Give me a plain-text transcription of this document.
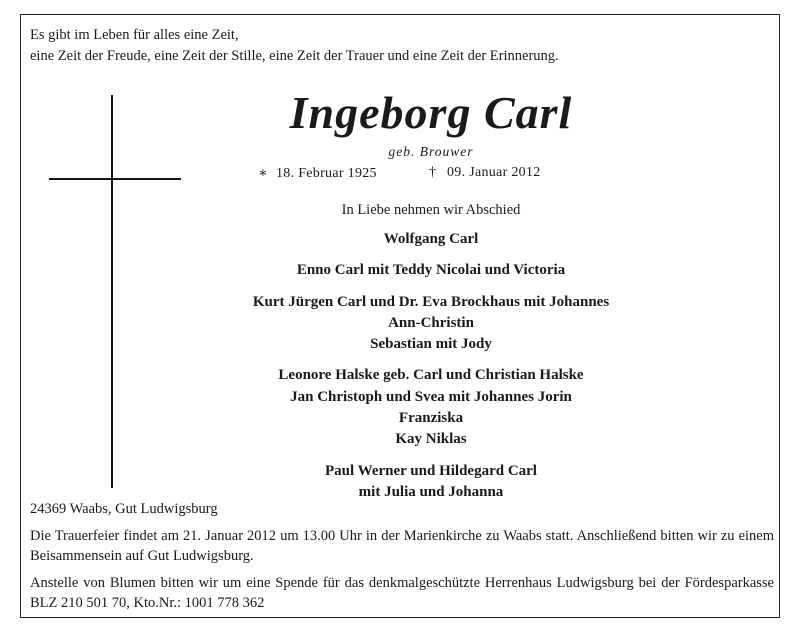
Es gibt im Leben für alles eine Zeit,
eine Zeit der Freude, eine Zeit der Stille, eine Zeit der Trauer und eine Zeit der Erinnerung.
Ingeborg Carl
geb. Brouwer
∗ 18. Februar 1925	† 09. Januar 2012
In Liebe nehmen wir Abschied
Wolfgang Carl
Enno Carl mit Teddy Nicolai und Victoria
Kurt Jürgen Carl und Dr. Eva Brockhaus mit Johannes
Ann-Christin
Sebastian mit Jody
Leonore Halske geb. Carl und Christian Halske
Jan Christoph und Svea mit Johannes Jorin
Franziska
Kay Niklas
Paul Werner und Hildegard Carl
mit Julia und Johanna

24369 Waabs, Gut Ludwigsburg

Die Trauerfeier findet am 21. Januar 2012 um 13.00 Uhr in der Marienkirche zu Waabs statt. Anschließend bitten wir zu einem Beisammensein auf Gut Ludwigsburg.

Anstelle von Blumen bitten wir um eine Spende für das denkmalgeschützte Herrenhaus Ludwigsburg bei der Fördesparkasse BLZ 210 501 70, Kto.Nr.: 1001 778 362
